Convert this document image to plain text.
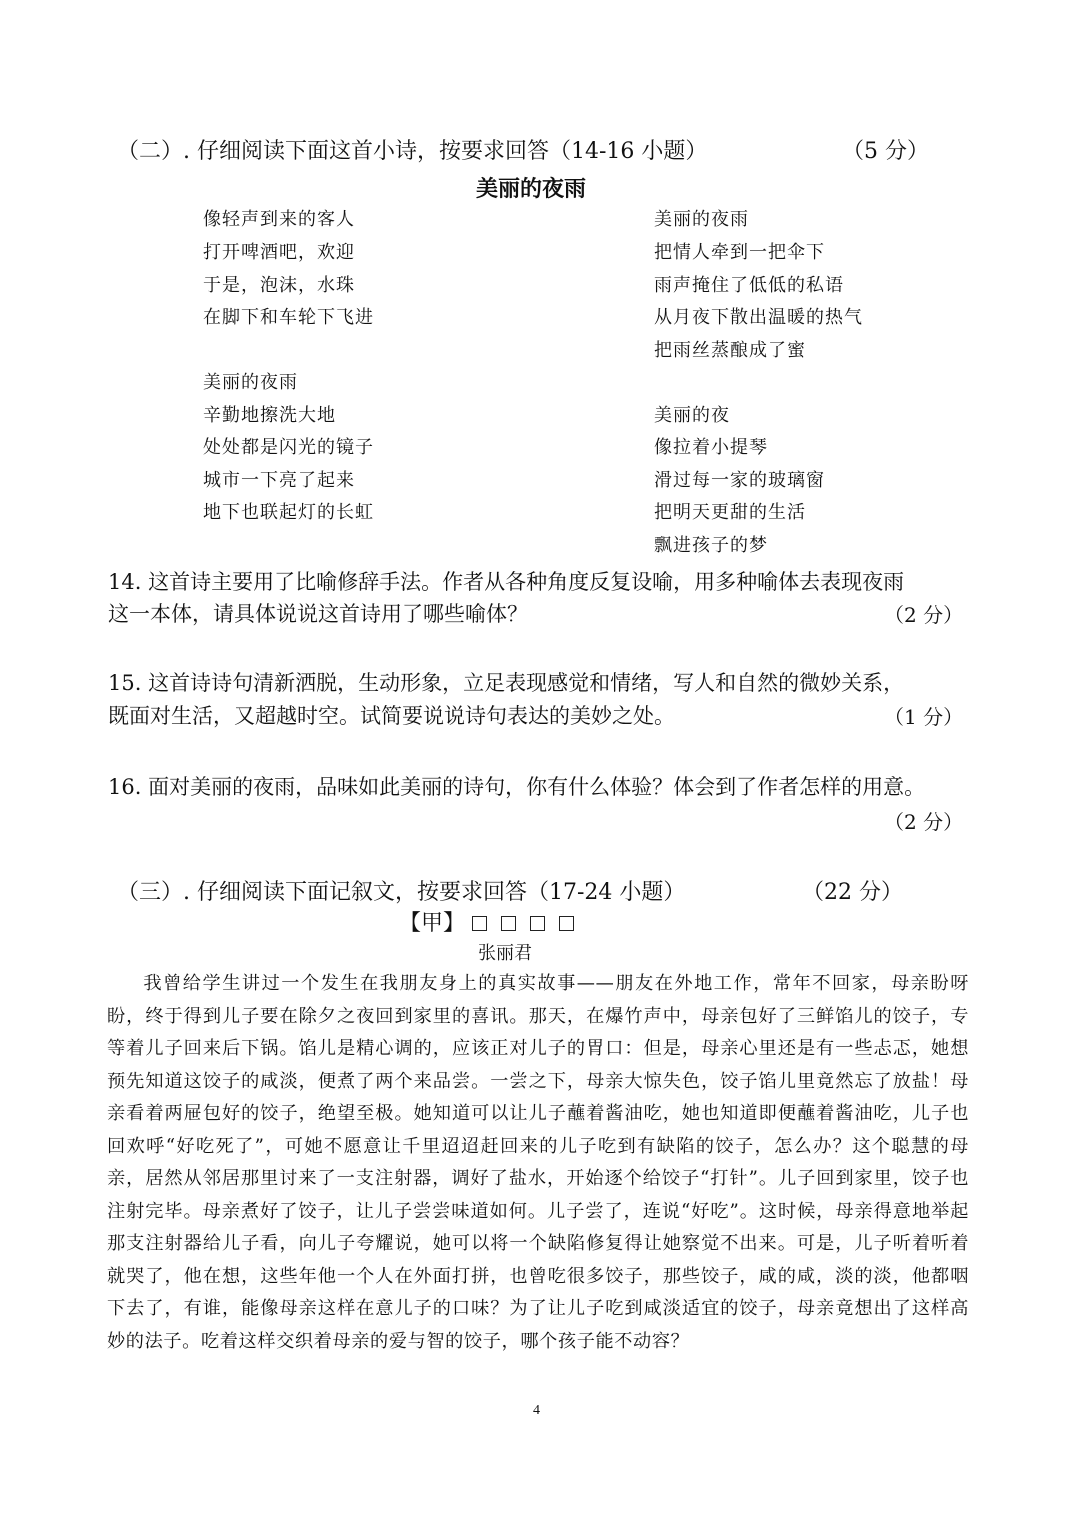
（二）. 仔细阅读下面这首小诗，按要求回答（14-16 小题）	（5 分）
美丽的夜雨
像轻声到来的客人
打开啤酒吧，欢迎
于是，泡沫，水珠
在脚下和车轮下飞进
美丽的夜雨
辛勤地擦洗大地
处处都是闪光的镜子
城市一下亮了起来
地下也联起灯的长虹
美丽的夜雨
把情人牵到一把伞下
雨声掩住了低低的私语
从月夜下散出温暖的热气
把雨丝蒸酿成了蜜
美丽的夜
像拉着小提琴
滑过每一家的玻璃窗
把明天更甜的生活
飘进孩子的梦
14. 这首诗主要用了比喻修辞手法。作者从各种角度反复设喻，用多种喻体去表现夜雨
这一本体，请具体说说这首诗用了哪些喻体？	（2 分）
15. 这首诗诗句清新洒脱，生动形象，立足表现感觉和情绪，写人和自然的微妙关系，
既面对生活，又超越时空。试简要说说诗句表达的美妙之处。	（1 分）
16. 面对美丽的夜雨，品味如此美丽的诗句，你有什么体验？体会到了作者怎样的用意。
（2 分）
（三）. 仔细阅读下面记叙文，按要求回答（17-24 小题）	（22 分）
【甲】
张丽君

我曾给学生讲过一个发生在我朋友身上的真实故事——朋友在外地工作，常年不回家，母亲盼呀盼，终于得到儿子要在除夕之夜回到家里的喜讯。那天，在爆竹声中，母亲包好了三鲜馅儿的饺子，专等着儿子回来后下锅。馅儿是精心调的，应该正对儿子的胃口：但是，母亲心里还是有一些忐忑，她想预先知道这饺子的咸淡，便煮了两个来品尝。一尝之下，母亲大惊失色，饺子馅儿里竟然忘了放盐！母亲看着两屉包好的饺子，绝望至极。她知道可以让儿子蘸着酱油吃，她也知道即便蘸着酱油吃，儿子也回欢呼“好吃死了”，可她不愿意让千里迢迢赶回来的儿子吃到有缺陷的饺子，怎么办？这个聪慧的母亲，居然从邻居那里讨来了一支注射器，调好了盐水，开始逐个给饺子“打针”。儿子回到家里，饺子也注射完毕。母亲煮好了饺子，让儿子尝尝味道如何。儿子尝了，连说“好吃”。这时候，母亲得意地举起那支注射器给儿子看，向儿子夸耀说，她可以将一个缺陷修复得让她察觉不出来。可是，儿子听着听着就哭了，他在想，这些年他一个人在外面打拼，也曾吃很多饺子，那些饺子，咸的咸，淡的淡，他都咽下去了，有谁，能像母亲这样在意儿子的口味？为了让儿子吃到咸淡适宜的饺子，母亲竟想出了这样高妙的法子。吃着这样交织着母亲的爱与智的饺子，哪个孩子能不动容？

4
